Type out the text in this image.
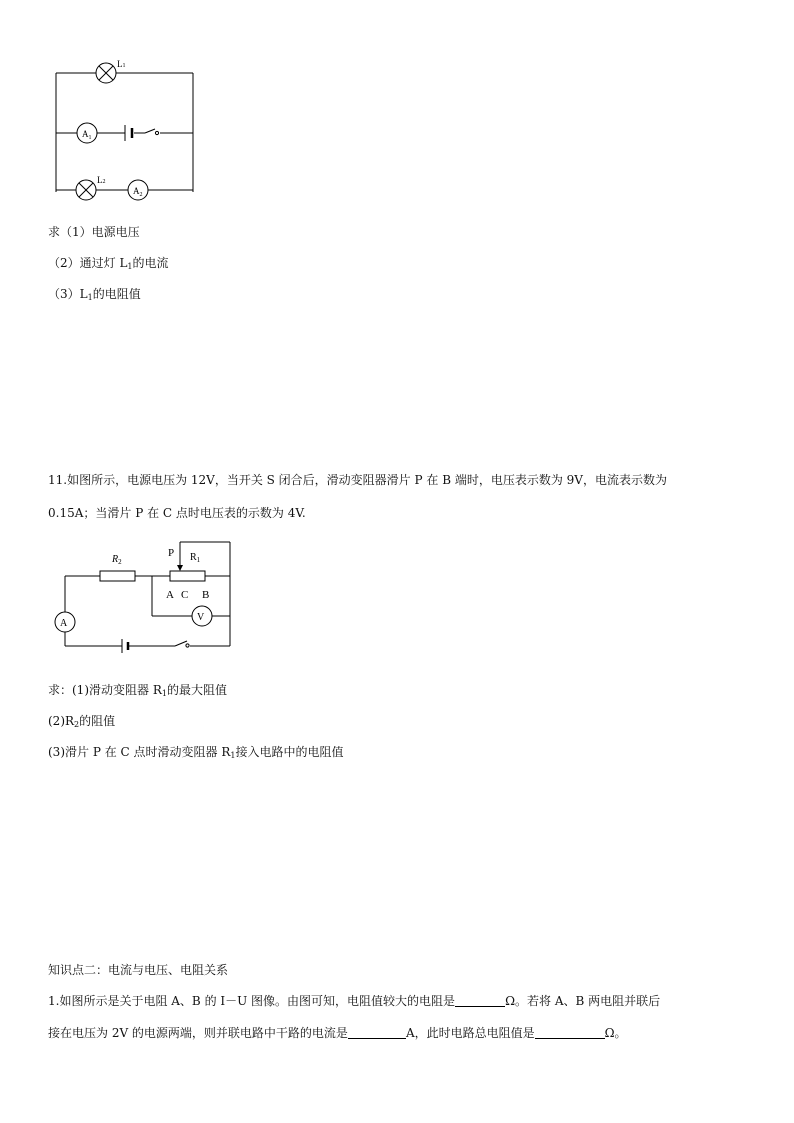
L1
$A_1$
L2
$A_2$
求（1）电源电压
（2）通过灯 $L_1$的电流
$(3)L_1$的电阻值
11.如图所示，电源电压为 12V，当开关 S 闭合后，滑动变阻器滑片 P 在 B 端时，电压表示数为 9V，电流表示数为
0.15A；当滑片 P 在 C 点时电压表的示数为 4V.
$R_2$	$R_1$
P
A C B
A
V
求：(1)滑动变阻器 $R_1$的最大阻值
$(2)R_2$的阻值
(3)滑片 P 在 C 点时滑动变阻器 $R_1$接入电路中的电阻值
知识点二：电流与电压、电阻关系
1.如图所示是关于电阻 A、B 的 I－U 图像。由图可知，电阻值较大的电阻是	Ω。若将 A、B 两电阻并联后
接在电压为 2V 的电源两端，则并联电路中干路的电流是	A，此时电路总电阻值是	Ω。
